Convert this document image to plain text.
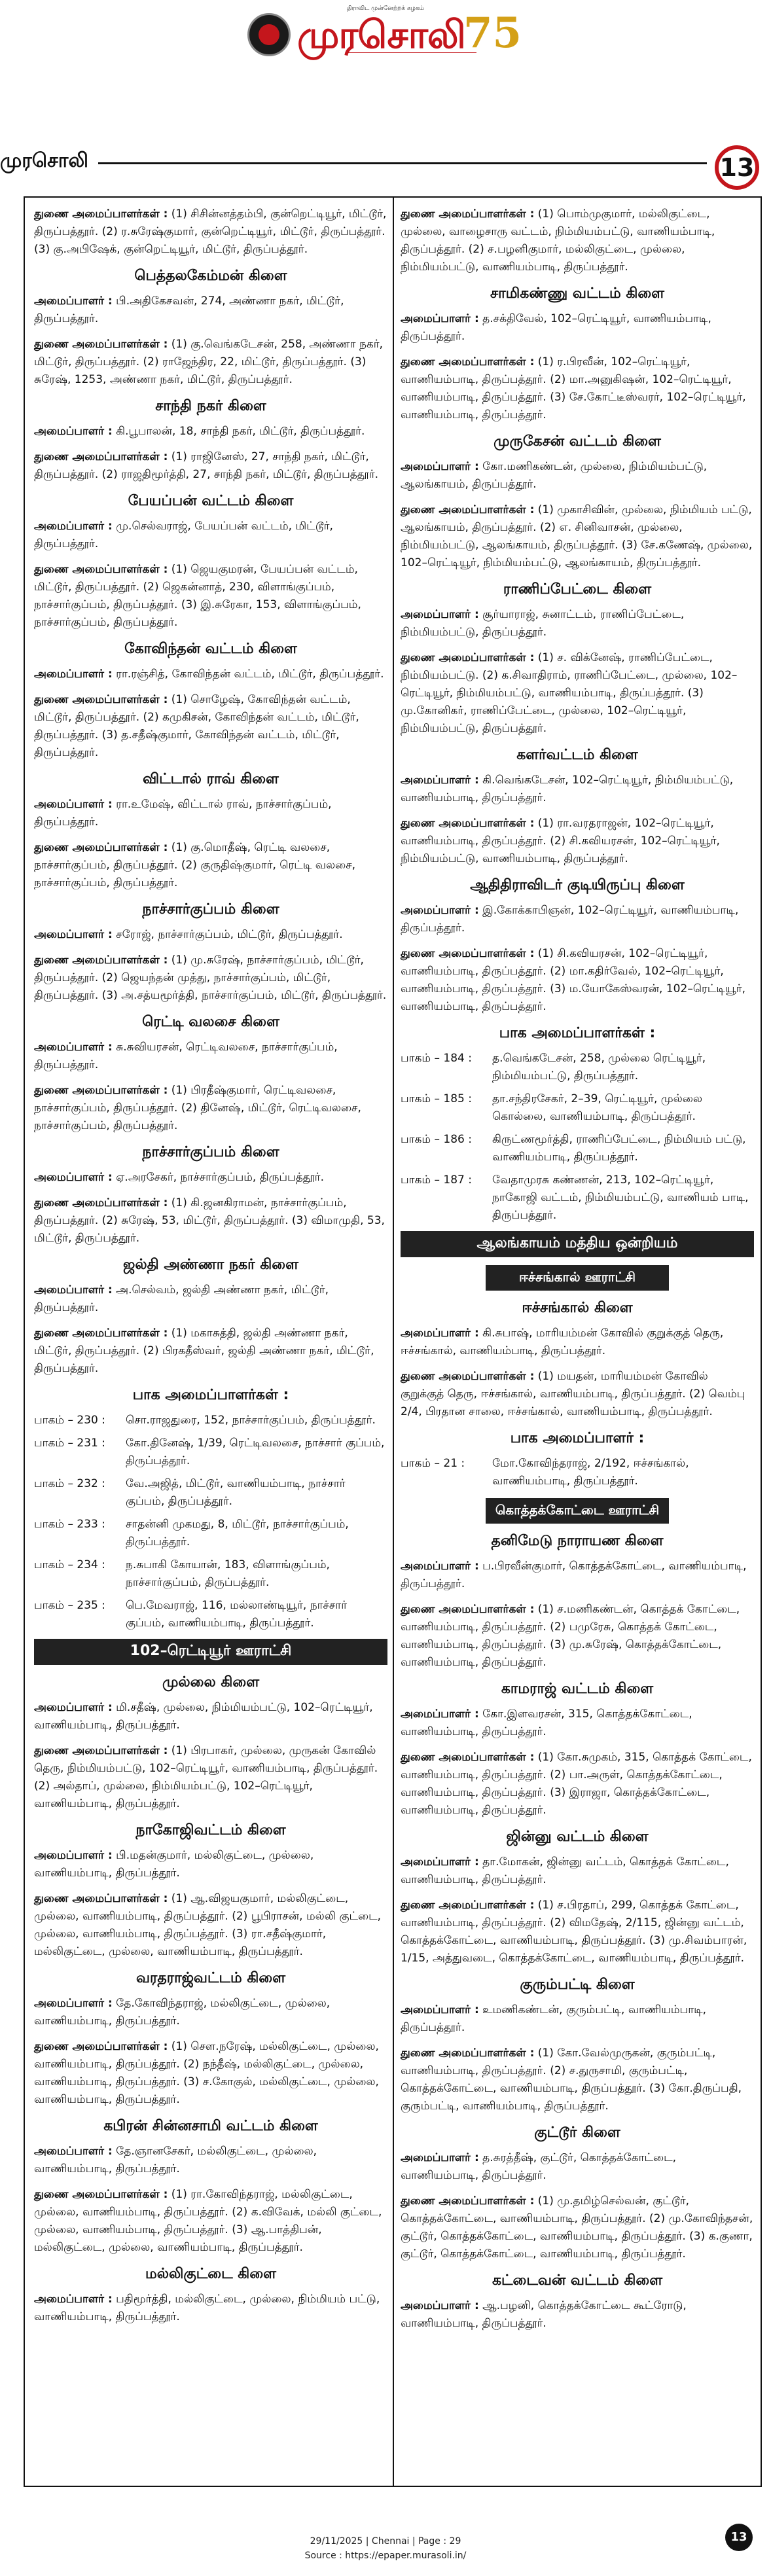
திராவிட முன்னேற்றக் கழகம்
முரசொலி
75
முரசொலி	13

துணை அமைப்பாளர்கள் : (1) சிசின்னத்தம்பி, குன்றெட்டியூர், மிட்டூர், திருப்பத்தூர். (2) ர.சுரேஷ்குமார், குன்றெட்டியூர், மிட்டூர், திருப்பத்தூர். (3) கு.அபிஷேக், குன்றெட்டியூர், மிட்டூர், திருப்பத்தூர்.

பெத்தலகேம்மன் கிளை

அமைப்பாளர் : பி.அதிகேசவன், 274, அண்ணா நகர், மிட்டூர், திருப்பத்தூர்.

துணை அமைப்பாளர்கள் : (1) கு.வெங்கடேசன், 258, அண்ணா நகர், மிட்டூர், திருப்பத்தூர். (2) ராஜேந்திர, 22, மிட்டூர், திருப்பத்தூர். (3) சுரேஷ், 1253, அண்ணா நகர், மிட்டூர், திருப்பத்தூர்.

சாந்தி நகர் கிளை

அமைப்பாளர் : கி.பூபாலன், 18, சாந்தி நகர், மிட்டூர், திருப்பத்தூர்.

துணை அமைப்பாளர்கள் : (1) ராஜினேஸ், 27, சாந்தி நகர், மிட்டூர், திருப்பத்தூர். (2) ராஜதிமூர்த்தி, 27, சாந்தி நகர், மிட்டூர், திருப்பத்தூர்.

பேயப்பன் வட்டம் கிளை

அமைப்பாளர் : மு.செல்வராஜ், பேயப்பன் வட்டம், மிட்டூர், திருப்பத்தூர்.

துணை அமைப்பாளர்கள் : (1) ஜெயகுமரன், பேயப்பன் வட்டம், மிட்டூர், திருப்பத்தூர். (2) ஜெகன்னாத், 230, விளாங்குப்பம், நாச்சார்குப்பம், திருப்பத்தூர். (3) இ.சுரேகா, 153, விளாங்குப்பம், நாச்சார்குப்பம், திருப்பத்தூர்.

கோவிந்தன் வட்டம் கிளை

அமைப்பாளர் : ரா.ரஞ்சித், கோவிந்தன் வட்டம், மிட்டூர், திருப்பத்தூர்.

துணை அமைப்பாளர்கள் : (1) சொழேஷ், கோவிந்தன் வட்டம், மிட்டூர், திருப்பத்தூர். (2) கமுகிசன், கோவிந்தன் வட்டம், மிட்டூர், திருப்பத்தூர். (3) த.சதீஷ்குமார், கோவிந்தன் வட்டம், மிட்டூர், திருப்பத்தூர்.

விட்டால் ராவ் கிளை

அமைப்பாளர் : ரா.உமேஷ், விட்டால் ராவ், நாச்சார்குப்பம், திருப்பத்தூர்.

துணை அமைப்பாளர்கள் : (1) கு.மொதீஷ், ரெட்டி வலசை, நாச்சார்குப்பம், திருப்பத்தூர். (2) குருதிஷ்குமார், ரெட்டி வலசை, நாச்சார்குப்பம், திருப்பத்தூர்.

நாச்சார்குப்பம் கிளை

அமைப்பாளர் : சரோஜ், நாச்சார்குப்பம், மிட்டூர், திருப்பத்தூர்.

துணை அமைப்பாளர்கள் : (1) மு.சுரேஷ், நாச்சார்குப்பம், மிட்டூர், திருப்பத்தூர். (2) ஜெயந்தன் முத்து, நாச்சார்குப்பம், மிட்டூர், திருப்பத்தூர். (3) அ.சத்யமூர்த்தி, நாச்சார்குப்பம், மிட்டூர், திருப்பத்தூர்.

ரெட்டி வலசை கிளை

அமைப்பாளர் : சு.சுவியரசன், ரெட்டிவலசை, நாச்சார்குப்பம், திருப்பத்தூர்.

துணை அமைப்பாளர்கள் : (1) பிரதீஷ்குமார், ரெட்டிவலசை, நாச்சார்குப்பம், திருப்பத்தூர். (2) தினேஷ், மிட்டூர், ரெட்டிவலசை, நாச்சார்குப்பம், திருப்பத்தூர்.

நாச்சார்குப்பம் கிளை

அமைப்பாளர் : ஏ.அரசேகர், நாச்சார்குப்பம், திருப்பத்தூர்.

துணை அமைப்பாளர்கள் : (1) கி.ஜனகிராமன், நாச்சார்குப்பம், திருப்பத்தூர். (2) சுரேஷ், 53, மிட்டூர், திருப்பத்தூர். (3) விமாமுதி, 53, மிட்டூர், திருப்பத்தூர்.

ஜல்தி அண்ணா நகர் கிளை

அமைப்பாளர் : அ.செல்வம், ஜல்தி அண்ணா நகர், மிட்டூர், திருப்பத்தூர்.

துணை அமைப்பாளர்கள் : (1) மகாசுத்தி, ஜல்தி அண்ணா நகர், மிட்டூர், திருப்பத்தூர். (2) பிரகதீஸ்வர், ஜல்தி அண்ணா நகர், மிட்டூர், திருப்பத்தூர்.

பாக அமைப்பாளர்கள் :
பாகம் – 230 :	சொ.ராஜதுரை, 152, நாச்சார்குப்பம், திருப்பத்தூர்.
பாகம் – 231 :	கோ.தினேஷ், 1/39, ரெட்டிவலசை, நாச்சார் குப்பம், திருப்பத்தூர்.
பாகம் – 232 :	வே.அஜித், மிட்டூர், வாணியம்பாடி, நாச்சார் குப்பம், திருப்பத்தூர்.
பாகம் – 233 :	சாதன்னி முகமது, 8, மிட்டூர், நாச்சார்குப்பம், திருப்பத்தூர்.
பாகம் – 234 :	ந.சுபாகி கோயான், 183, விளாங்குப்பம், நாச்சார்குப்பம், திருப்பத்தூர்.
பாகம் – 235 :	பெ.மேவராஜ், 116, மல்லாண்டியூர், நாச்சார் குப்பம், வாணியம்பாடி, திருப்பத்தூர்.
102–ரெட்டியூர் ஊராட்சி
முல்லை கிளை

அமைப்பாளர் : மி.சதீஷ், முல்லை, நிம்மியம்பட்டு, 102–ரெட்டியூர், வாணியம்பாடி, திருப்பத்தூர்.

துணை அமைப்பாளர்கள் : (1) பிரபாகர், முல்லை, முருகன் கோவில் தெரு, நிம்மியம்பட்டு, 102–ரெட்டியூர், வாணியம்பாடி, திருப்பத்தூர். (2) அல்தாப், முல்லை, நிம்மியம்பட்டு, 102–ரெட்டியூர், வாணியம்பாடி, திருப்பத்தூர்.

நாகோஜிவட்டம் கிளை

அமைப்பாளர் : பி.மதன்குமார், மல்லிகுட்டை, முல்லை, வாணியம்பாடி, திருப்பத்தூர்.

துணை அமைப்பாளர்கள் : (1) ஆ.விஜயகுமார், மல்லிகுட்டை, முல்லை, வாணியம்பாடி, திருப்பத்தூர். (2) பூபிராசன், மல்லி குட்டை, முல்லை, வாணியம்பாடி, திருப்பத்தூர். (3) ரா.சதீஷ்குமார், மல்லிகுட்டை, முல்லை, வாணியம்பாடி, திருப்பத்தூர்.

வரதராஜ்வட்டம் கிளை

அமைப்பாளர் : தே.கோவிந்தராஜ், மல்லிகுட்டை, முல்லை, வாணியம்பாடி, திருப்பத்தூர்.

துணை அமைப்பாளர்கள் : (1) சௌ.நரேஷ், மல்லிகுட்டை, முல்லை, வாணியம்பாடி, திருப்பத்தூர். (2) நந்தீஷ், மல்லிகுட்டை, முல்லை, வாணியம்பாடி, திருப்பத்தூர். (3) ச.கோகுல், மல்லிகுட்டை, முல்லை, வாணியம்பாடி, திருப்பத்தூர்.

கபிரன் சின்னசாமி வட்டம் கிளை

அமைப்பாளர் : தே.ஞானசேகர், மல்லிகுட்டை, முல்லை, வாணியம்பாடி, திருப்பத்தூர்.

துணை அமைப்பாளர்கள் : (1) ரா.கோவிந்தராஜ், மல்லிகுட்டை, முல்லை, வாணியம்பாடி, திருப்பத்தூர். (2) க.விவேக், மல்லி குட்டை, முல்லை, வாணியம்பாடி, திருப்பத்தூர். (3) ஆ.பாத்திபன், மல்லிகுட்டை, முல்லை, வாணியம்பாடி, திருப்பத்தூர்.

மல்லிகுட்டை கிளை

அமைப்பாளர் : பதிமூர்த்தி, மல்லிகுட்டை, முல்லை, நிம்மியம் பட்டு, வாணியம்பாடி, திருப்பத்தூர்.

துணை அமைப்பாளர்கள் : (1) பொம்முகுமார், மல்லிகுட்டை, முல்லை, வாழைசாரு வட்டம், நிம்மியம்பட்டு, வாணியம்பாடி, திருப்பத்தூர். (2) ச.பழனிகுமார், மல்லிகுட்டை, முல்லை, நிம்மியம்பட்டு, வாணியம்பாடி, திருப்பத்தூர்.

சாமிகண்ணு வட்டம் கிளை

அமைப்பாளர் : த.சக்திவேல், 102–ரெட்டியூர், வாணியம்பாடி, திருப்பத்தூர்.

துணை அமைப்பாளர்கள் : (1) ர.பிரவீன், 102–ரெட்டியூர், வாணியம்பாடி, திருப்பத்தூர். (2) மா.அனுகிஷன், 102–ரெட்டியூர், வாணியம்பாடி, திருப்பத்தூர். (3) சே.கோட்டீஸ்வரர், 102–ரெட்டியூர், வாணியம்பாடி, திருப்பத்தூர்.

முருகேசன் வட்டம் கிளை

அமைப்பாளர் : கோ.மணிகண்டன், முல்லை, நிம்மியம்பட்டு, ஆலங்காயம், திருப்பத்தூர்.

துணை அமைப்பாளர்கள் : (1) முகாசிவின், முல்லை, நிம்மியம் பட்டு, ஆலங்காயம், திருப்பத்தூர். (2) எ. சினிவாசன், முல்லை, நிம்மியம்பட்டு, ஆலங்காயம், திருப்பத்தூர். (3) சே.கணேஷ், முல்லை, 102–ரெட்டியூர், நிம்மியம்பட்டு, ஆலங்காயம், திருப்பத்தூர்.

ராணிப்பேட்டை கிளை

அமைப்பாளர் : சூர்யாராஜ், சுனாட்டம், ராணிப்பேட்டை, நிம்மியம்பட்டு, திருப்பத்தூர்.

துணை அமைப்பாளர்கள் : (1) ச. விக்னேஷ், ராணிப்பேட்டை, நிம்மியம்பட்டு. (2) க.சிவாதிராம், ராணிப்பேட்டை, முல்லை, 102–ரெட்டியூர், நிம்மியம்பட்டு, வாணியம்பாடி, திருப்பத்தூர். (3) மு.கோனிகர், ராணிப்பேட்டை, முல்லை, 102–ரெட்டியூர், நிம்மியம்பட்டு, திருப்பத்தூர்.

களர்வட்டம் கிளை

அமைப்பாளர் : கி.வெங்கடேசன், 102–ரெட்டியூர், நிம்மியம்பட்டு, வாணியம்பாடி, திருப்பத்தூர்.

துணை அமைப்பாளர்கள் : (1) ரா.வரதராஜன், 102–ரெட்டியூர், வாணியம்பாடி, திருப்பத்தூர். (2) சி.கவியரசன், 102–ரெட்டியூர், நிம்மியம்பட்டு, வாணியம்பாடி, திருப்பத்தூர்.

ஆதிதிராவிடர் குடியிருப்பு கிளை

அமைப்பாளர் : இ.கோக்காபிஞன், 102–ரெட்டியூர், வாணியம்பாடி, திருப்பத்தூர்.

துணை அமைப்பாளர்கள் : (1) சி.கவியரசன், 102–ரெட்டியூர், வாணியம்பாடி, திருப்பத்தூர். (2) மா.கதிர்வேல், 102–ரெட்டியூர், வாணியம்பாடி, திருப்பத்தூர். (3) ம.யோகேஸ்வரன், 102–ரெட்டியூர், வாணியம்பாடி, திருப்பத்தூர்.

பாக அமைப்பாளர்கள் :
பாகம் – 184 :	த.வெங்கடேசன், 258, முல்லை ரெட்டியூர், நிம்மியம்பட்டு, திருப்பத்தூர்.
பாகம் – 185 :	தா.சந்திரசேகர், 2–39, ரெட்டியூர், முல்லை கொல்லை, வாணியம்பாடி, திருப்பத்தூர்.
பாகம் – 186 :	கிருட்ணமூர்த்தி, ராணிப்பேட்டை, நிம்மியம் பட்டு, வாணியம்பாடி, திருப்பத்தூர்.
பாகம் – 187 :	வேதாமுரசு கண்ணன், 213, 102–ரெட்டியூர், நாகோஜி வட்டம், நிம்மியம்பட்டு, வாணியம் பாடி, திருப்பத்தூர்.
ஆலங்காயம் மத்திய ஒன்றியம்
ஈச்சங்கால் ஊராட்சி
ஈச்சங்கால் கிளை

அமைப்பாளர் : கி.சுபாஷ், மாரியம்மன் கோவில் குறுக்குத் தெரு, ஈச்சங்கால், வாணியம்பாடி, திருப்பத்தூர்.

துணை அமைப்பாளர்கள் : (1) மயதன், மாரியம்மன் கோவில் குறுக்குத் தெரு, ஈச்சங்கால், வாணியம்பாடி, திருப்பத்தூர். (2) வெம்பு 2/4, பிரதான சாலை, ஈச்சங்கால், வாணியம்பாடி, திருப்பத்தூர்.

பாக அமைப்பாளர் :
பாகம் – 21 :	மோ.கோவிந்தராஜ், 2/192, ஈச்சங்கால், வாணியம்பாடி, திருப்பத்தூர்.
கொத்தக்கோட்டை ஊராட்சி
தனிமேடு நாராயண கிளை

அமைப்பாளர் : ப.பிரவீன்குமார், கொத்தக்கோட்டை, வாணியம்பாடி, திருப்பத்தூர்.

துணை அமைப்பாளர்கள் : (1) ச.மணிகண்டன், கொத்தக் கோட்டை, வாணியம்பாடி, திருப்பத்தூர். (2) பமுரேசு, கொத்தக் கோட்டை, வாணியம்பாடி, திருப்பத்தூர். (3) மு.சுரேஷ், கொத்தக்கோட்டை, வாணியம்பாடி, திருப்பத்தூர்.

காமராஜ் வட்டம் கிளை

அமைப்பாளர் : கோ.இளவரசன், 315, கொத்தக்கோட்டை, வாணியம்பாடி, திருப்பத்தூர்.

துணை அமைப்பாளர்கள் : (1) கோ.சுமுகம், 315, கொத்தக் கோட்டை, வாணியம்பாடி, திருப்பத்தூர். (2) பா.அருள், கொத்தக்கோட்டை, வாணியம்பாடி, திருப்பத்தூர். (3) இராஜா, கொத்தக்கோட்டை, வாணியம்பாடி, திருப்பத்தூர்.

ஜின்னு வட்டம் கிளை

அமைப்பாளர் : தா.மோகன், ஜின்னு வட்டம், கொத்தக் கோட்டை, வாணியம்பாடி, திருப்பத்தூர்.

துணை அமைப்பாளர்கள் : (1) ச.பிரதாப், 299, கொத்தக் கோட்டை, வாணியம்பாடி, திருப்பத்தூர். (2) விமதேஷ், 2/115, ஜின்னு வட்டம், கொத்தக்கோட்டை, வாணியம்பாடி, திருப்பத்தூர். (3) மு.சிவம்பாரன், 1/15, அத்துவடை, கொத்தக்கோட்டை, வாணியம்பாடி, திருப்பத்தூர்.

குரும்பட்டி கிளை

அமைப்பாளர் : உமணிகண்டன், குரும்பட்டி, வாணியம்பாடி, திருப்பத்தூர்.

துணை அமைப்பாளர்கள் : (1) கோ.வேல்முருகன், குரும்பட்டி, வாணியம்பாடி, திருப்பத்தூர். (2) ச.துருசாமி, குரும்பட்டி, கொத்தக்கோட்டை, வாணியம்பாடி, திருப்பத்தூர். (3) கோ.திருப்பதி, குரும்பட்டி, வாணியம்பாடி, திருப்பத்தூர்.

குட்டூர் கிளை

அமைப்பாளர் : த.சுரத்தீஷ், குட்டூர், கொத்தக்கோட்டை, வாணியம்பாடி, திருப்பத்தூர்.

துணை அமைப்பாளர்கள் : (1) மு.தமிழ்செல்வன், குட்டூர், கொத்தக்கோட்டை, வாணியம்பாடி, திருப்பத்தூர். (2) மு.கோவிந்தசன், குட்டூர், கொத்தக்கோட்டை, வாணியம்பாடி, திருப்பத்தூர். (3) க.குணா, குட்டூர், கொத்தக்கோட்டை, வாணியம்பாடி, திருப்பத்தூர்.

கட்டைவன் வட்டம் கிளை

அமைப்பாளர் : ஆ.பழனி, கொத்தக்கோட்டை கூட்ரோடு, வாணியம்பாடி, திருப்பத்தூர்.

13
29/11/2025 | Chennai | Page : 29
Source : https://epaper.murasoli.in/
